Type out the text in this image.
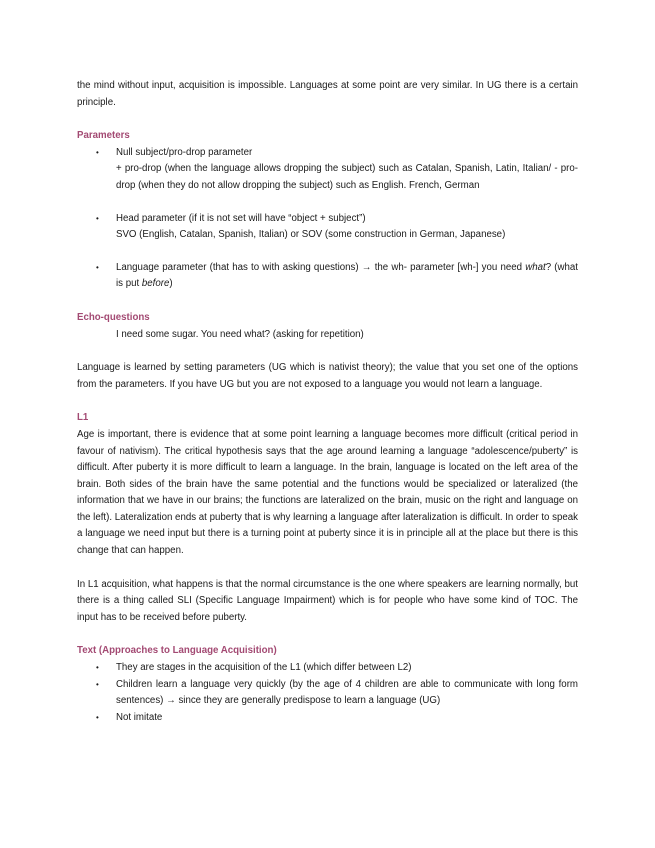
the mind without input, acquisition is impossible. Languages at some point are very similar. In UG there is a certain principle.

Parameters
• Null subject/pro-drop parameter
+ pro-drop (when the language allows dropping the subject) such as Catalan, Spanish, Latin, Italian/ - pro-drop (when they do not allow dropping the subject) such as English. French, German
• Head parameter (if it is not set will have “object + subject”)
SVO (English, Catalan, Spanish, Italian) or SOV (some construction in German, Japanese)
• Language parameter (that has to with asking questions) → the wh- parameter [wh-] you need what? (what is put before)
Echo-questions

I need some sugar. You need what? (asking for repetition)

Language is learned by setting parameters (UG which is nativist theory); the value that you set one of the options from the parameters. If you have UG but you are not exposed to a language you would not learn a language.

L1

Age is important, there is evidence that at some point learning a language becomes more difficult (critical period in favour of nativism). The critical hypothesis says that the age around learning a language “adolescence/puberty” is difficult. After puberty it is more difficult to learn a language. In the brain, language is located on the left area of the brain. Both sides of the brain have the same potential and the functions would be specialized or lateralized (the information that we have in our brains; the functions are lateralized on the brain, music on the right and language on the left). Lateralization ends at puberty that is why learning a language after lateralization is difficult. In order to speak a language we need input but there is a turning point at puberty since it is in principle all at the place but there is this change that can happen.

In L1 acquisition, what happens is that the normal circumstance is the one where speakers are learning normally, but there is a thing called SLI (Specific Language Impairment) which is for people who have some kind of TOC. The input has to be received before puberty.

Text (Approaches to Language Acquisition)
• They are stages in the acquisition of the L1 (which differ between L2)
• Children learn a language very quickly (by the age of 4 children are able to communicate with long form sentences) → since they are generally predispose to learn a language (UG)
• Not imitate
